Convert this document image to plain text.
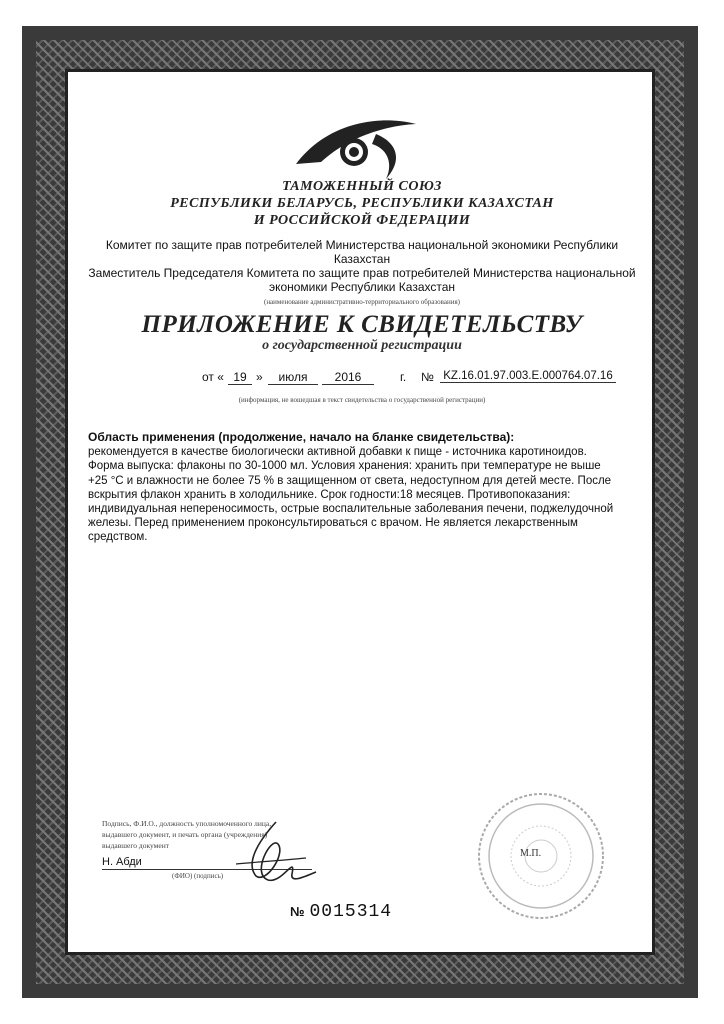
ТАМОЖЕННЫЙ СОЮЗ
РЕСПУБЛИКИ БЕЛАРУСЬ, РЕСПУБЛИКИ КАЗАХСТАН
И РОССИЙСКОЙ ФЕДЕРАЦИИ
Комитет по защите прав потребителей Министерства национальной экономики Республики
Казахстан
Заместитель Председателя Комитета по защите прав потребителей Министерства национальной
экономики Республики Казахстан
(наименование административно-территориального образования)
ПРИЛОЖЕНИЕ К СВИДЕТЕЛЬСТВУ
о государственной регистрации
от « 19 »	июля	2016	г. № KZ.16.01.97.003.Е.000764.07.16
(информация, не вошедшая в текст свидетельства о государственной регистрации)
Область применения (продолжение, начало на бланке свидетельства):
рекомендуется в качестве биологически активной добавки к пище - источника каротиноидов.
Форма выпуска: флаконы по 30-1000 мл. Условия хранения: хранить при температуре не выше
+25 °С и влажности не более 75 % в защищенном от света, недоступном для детей месте. После
вскрытия флакон хранить в холодильнике. Срок годности:18 месяцев. Противопоказания:
индивидуальная непереносимость, острые воспалительные заболевания печени, поджелудочной
железы. Перед применением проконсультироваться с врачом. Не является лекарственным
средством.
Подпись, Ф.И.О., должность уполномоченного лица,
выдавшего документ, и печать органа (учреждения)
выдавшего документ
Н. Абди
(ФИО) (подпись)
М.П.
№ 0015314
